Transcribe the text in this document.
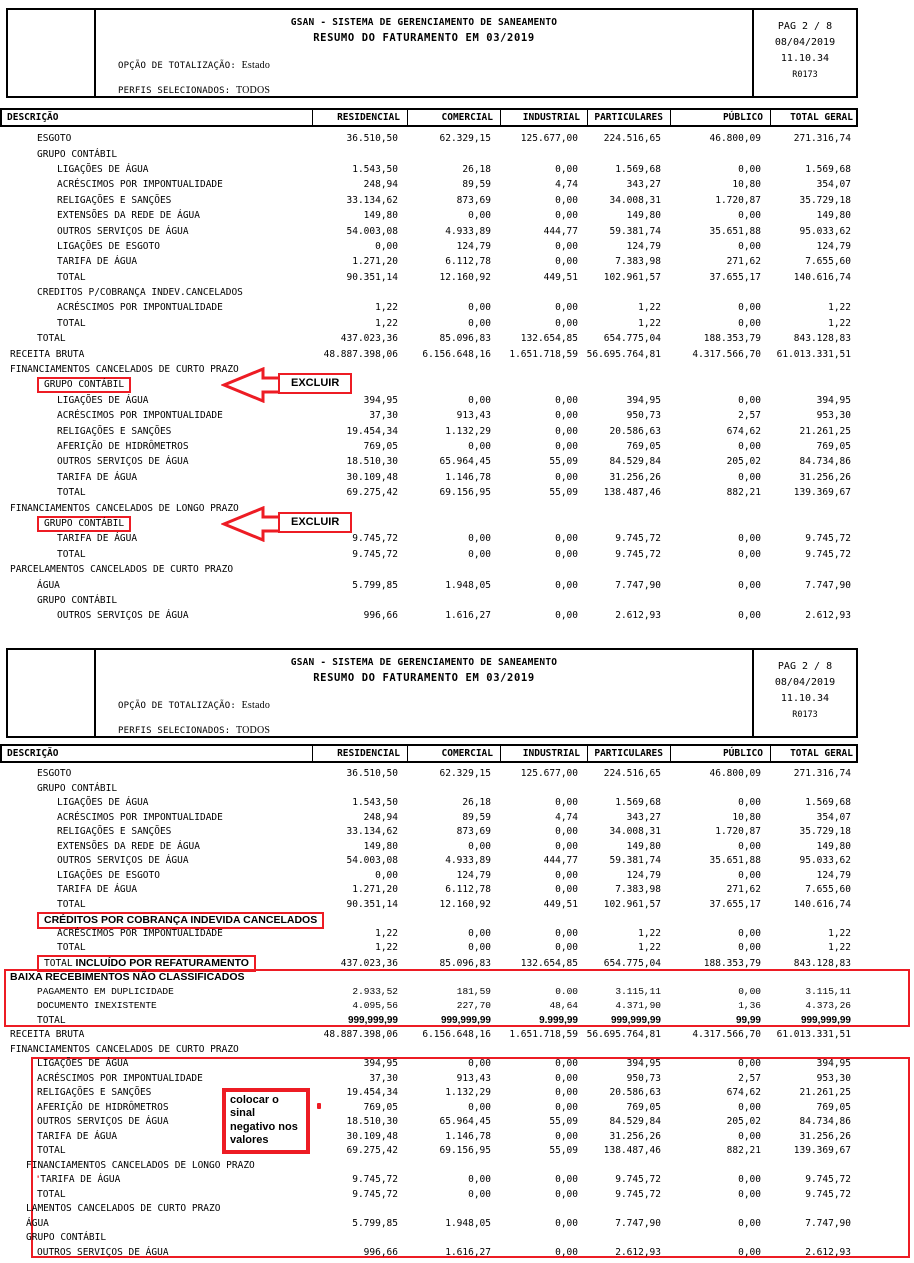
GSAN - SISTEMA DE GERENCIAMENTO DE SANEAMENTO
RESUMO DO FATURAMENTO EM 03/2019
OPÇÃO DE TOTALIZAÇÃO: Estado
PERFIS SELECIONADOS: TODOS
PAG 2 / 8
08/04/2019
11.10.34
R0173
DESCRIÇÃO	RESIDENCIAL	COMERCIAL	INDUSTRIAL	PARTICULARES	PÚBLICO	TOTAL GERAL
ESGOTO	36.510,50	62.329,15	125.677,00	224.516,65	46.800,09	271.316,74
GRUPO CONTÁBIL
LIGAÇÕES DE ÁGUA	1.543,50	26,18	0,00	1.569,68	0,00	1.569,68
ACRÉSCIMOS POR IMPONTUALIDADE	248,94	89,59	4,74	343,27	10,80	354,07
RELIGAÇÕES E SANÇÕES	33.134,62	873,69	0,00	34.008,31	1.720,87	35.729,18
EXTENSÕES DA REDE DE ÁGUA	149,80	0,00	0,00	149,80	0,00	149,80
OUTROS SERVIÇOS DE ÁGUA	54.003,08	4.933,89	444,77	59.381,74	35.651,88	95.033,62
LIGAÇÕES DE ESGOTO	0,00	124,79	0,00	124,79	0,00	124,79
TARIFA DE ÁGUA	1.271,20	6.112,78	0,00	7.383,98	271,62	7.655,60
TOTAL	90.351,14	12.160,92	449,51	102.961,57	37.655,17	140.616,74
CREDITOS P/COBRANÇA INDEV.CANCELADOS
ACRÉSCIMOS POR IMPONTUALIDADE	1,22	0,00	0,00	1,22	0,00	1,22
TOTAL	1,22	0,00	0,00	1,22	0,00	1,22
TOTAL	437.023,36	85.096,83	132.654,85	654.775,04	188.353,79	843.128,83
RECEITA BRUTA	48.887.398,06	6.156.648,16	1.651.718,59 56.695.764,81	4.317.566,70	61.013.331,51
FINANCIAMENTOS CANCELADOS DE CURTO PRAZO
GRUPO CONTÁBIL	EXCLUIR
LIGAÇÕES DE ÁGUA	394,95	0,00	0,00	394,95	0,00	394,95
ACRÉSCIMOS POR IMPONTUALIDADE	37,30	913,43	0,00	950,73	2,57	953,30
RELIGAÇÕES E SANÇÕES	19.454,34	1.132,29	0,00	20.586,63	674,62	21.261,25
AFERIÇÃO DE HIDRÔMETROS	769,05	0,00	0,00	769,05	0,00	769,05
OUTROS SERVIÇOS DE ÁGUA	18.510,30	65.964,45	55,09	84.529,84	205,02	84.734,86
TARIFA DE ÁGUA	30.109,48	1.146,78	0,00	31.256,26	0,00	31.256,26
TOTAL	69.275,42	69.156,95	55,09	138.487,46	882,21	139.369,67
FINANCIAMENTOS CANCELADOS DE LONGO PRAZO
GRUPO CONTÁBIL	EXCLUIR
TARIFA DE ÁGUA	9.745,72	0,00	0,00	9.745,72	0,00	9.745,72
TOTAL	9.745,72	0,00	0,00	9.745,72	0,00	9.745,72
PARCELAMENTOS CANCELADOS DE CURTO PRAZO
ÁGUA	5.799,85	1.948,05	0,00	7.747,90	0,00	7.747,90
GRUPO CONTÁBIL
OUTROS SERVIÇOS DE ÁGUA	996,66	1.616,27	0,00	2.612,93	0,00	2.612,93
GSAN - SISTEMA DE GERENCIAMENTO DE SANEAMENTO
RESUMO DO FATURAMENTO EM 03/2019
OPÇÃO DE TOTALIZAÇÃO: Estado
PERFIS SELECIONADOS: TODOS
PAG 2 / 8
08/04/2019
11.10.34
R0173
DESCRIÇÃO	RESIDENCIAL	COMERCIAL	INDUSTRIAL	PARTICULARES	PÚBLICO	TOTAL GERAL
ESGOTO	36.510,50	62.329,15	125.677,00	224.516,65	46.800,09	271.316,74
GRUPO CONTÁBIL
LIGAÇÕES DE ÁGUA	1.543,50	26,18	0,00	1.569,68	0,00	1.569,68
ACRÉSCIMOS POR IMPONTUALIDADE	248,94	89,59	4,74	343,27	10,80	354,07
RELIGAÇÕES E SANÇÕES	33.134,62	873,69	0,00	34.008,31	1.720,87	35.729,18
EXTENSÕES DA REDE DE ÁGUA	149,80	0,00	0,00	149,80	0,00	149,80
OUTROS SERVIÇOS DE ÁGUA	54.003,08	4.933,89	444,77	59.381,74	35.651,88	95.033,62
LIGAÇÕES DE ESGOTO	0,00	124,79	0,00	124,79	0,00	124,79
TARIFA DE ÁGUA	1.271,20	6.112,78	0,00	7.383,98	271,62	7.655,60
TOTAL	90.351,14	12.160,92	449,51	102.961,57	37.655,17	140.616,74
CRÉDITOS POR COBRANÇA INDEVIDA CANCELADOS
ACRÉSCIMOS POR IMPONTUALIDADE	1,22	0,00	0,00	1,22	0,00	1,22
TOTAL	1,22	0,00	0,00	1,22	0,00	1,22
TOTAL INCLUÍDO POR REFATURAMENTO	437.023,36	85.096,83	132.654,85	654.775,04	188.353,79	843.128,83
BAIXA RECEBIMENTOS NÃO CLASSIFICADOS
PAGAMENTO EM DUPLICIDADE	2.933,52	181,59	0.00	3.115,11	0,00	3.115,11
DOCUMENTO INEXISTENTE	4.095,56	227,70	48,64	4.371,90	1,36	4.373,26
TOTAL	999,999,99	999,999,99	9.999,99	999,999,99	99,99	999,999,99
RECEITA BRUTA	48.887.398,06	6.156.648,16	1.651.718,59 56.695.764,81	4.317.566,70	61.013.331,51
FINANCIAMENTOS CANCELADOS DE CURTO PRAZO
LIGAÇÕES DE ÁGUA	394,95	0,00	0,00	394,95	0,00	394,95
ACRÉSCIMOS POR IMPONTUALIDADE	37,30	913,43	0,00	950,73	2,57	953,30
RELIGAÇÕES E SANÇÕES	19.454,34	1.132,29	0,00	20.586,63	674,62	21.261,25
AFERIÇÃO DE HIDRÔMETROS	769,05	0,00	0,00	769,05	0,00	769,05
OUTROS SERVIÇOS DE ÁGUA	18.510,30	65.964,45	55,09	84.529,84	205,02	84.734,86
colocar o sinal negativo nos valores
TARIFA DE ÁGUA	30.109,48	1.146,78	0,00	31.256,26	0,00	31.256,26
TOTAL	69.275,42	69.156,95	55,09	138.487,46	882,21	139.369,67
FINANCIAMENTOS CANCELADOS DE LONGO PRAZO
'TARIFA DE ÁGUA	9.745,72	0,00	0,00	9.745,72	0,00	9.745,72
TOTAL	9.745,72	0,00	0,00	9.745,72	0,00	9.745,72
LAMENTOS CANCELADOS DE CURTO PRAZO
ÁGUA	5.799,85	1.948,05	0,00	7.747,90	0,00	7.747,90
GRUPO CONTÁBIL
OUTROS SERVIÇOS DE ÁGUA	996,66	1.616,27	0,00	2.612,93	0,00	2.612,93
